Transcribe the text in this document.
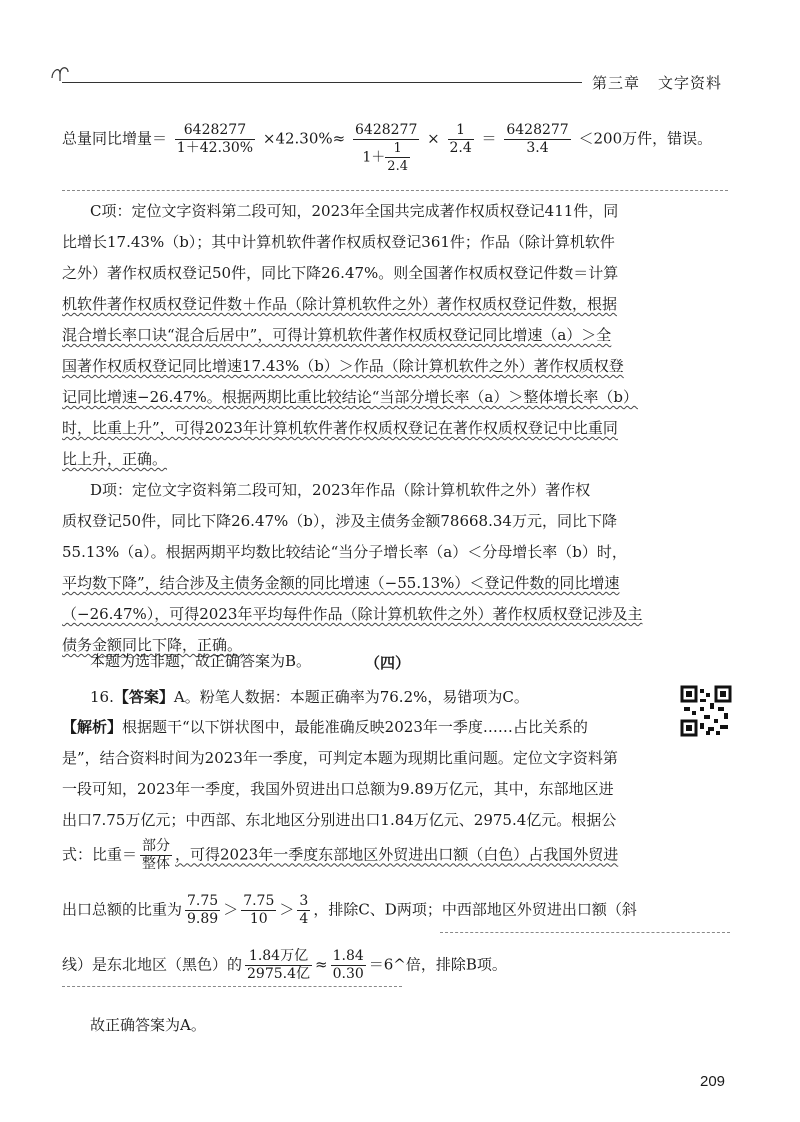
第三章 文字资料
总量同比增量＝ $\frac{6428277}{1+42.30\%} \times 42.30\%\approx \frac{6428277}{1+ \frac{1}{2.4}} \times \frac{1}{2.4} = \frac{6428277}{3.4} <200$万件，错误。
C项：定位文字资料第二段可知，2023年全国共完成著作权质权登记411件，同
比增长17.43%（b）；其中计算机软件著作权质权登记361件；作品（除计算机软件
之外）著作权质权登记50件，同比下降26.47%。则全国著作权质权登记件数＝计算
机软件著作权质权登记件数＋作品（除计算机软件之外）著作权质权登记件数，根据
混合增长率口诀“混合后居中”，可得计算机软件著作权质权登记同比增速（a）＞全
国著作权质权登记同比增速17.43%（b）＞作品（除计算机软件之外）著作权质权登
记同比增速−26.47%。根据两期比重比较结论“当部分增长率（a）＞整体增长率（b）
时，比重上升”，可得2023年计算机软件著作权质权登记在著作权质权登记中比重同
比上升，正确。
D项：定位文字资料第二段可知，2023年作品（除计算机软件之外）著作权
质权登记50件，同比下降26.47%（b），涉及主债务金额78668.34万元，同比下降
55.13%（a）。根据两期平均数比较结论“当分子增长率（a）＜分母增长率（b）时，
平均数下降”，结合涉及主债务金额的同比增速（−55.13%）＜登记件数的同比增速
（−26.47%），可得2023年平均每件作品（除计算机软件之外）著作权质权登记涉及主
债务金额同比下降，正确。
本题为选非题，故正确答案为B。	（四）
16.【答案】A。粉笔人数据：本题正确率为76.2%，易错项为C。
【解析】根据题干“以下饼状图中，最能准确反映2023年一季度……占比关系的
是”，结合资料时间为2023年一季度，可判定本题为现期比重问题。定位文字资料第
一段可知，2023年一季度，我国外贸进出口总额为9.89万亿元，其中，东部地区进
出口7.75万亿元；中西部、东北地区分别进出口1.84万亿元、2975.4亿元。根据公
式：比重＝ $\frac{\text{部分}}{\text{整体}}$ ，可得2023年一季度东部地区外贸进出口额（白色）占我国外贸进
出口总额的比重为 $\frac{7.75}{9.89} > \frac{7.75}{10} > \frac{3}{4}$ ，排除C、D两项；中西部地区外贸进出口额（斜
线）是东北地区（黑色）的 $\frac{\text{1.84万亿}}{\text{2975.4亿}} \approx \frac{1.84}{0.30}$ ＝6^倍，排除B项。
故正确答案为A。
209
